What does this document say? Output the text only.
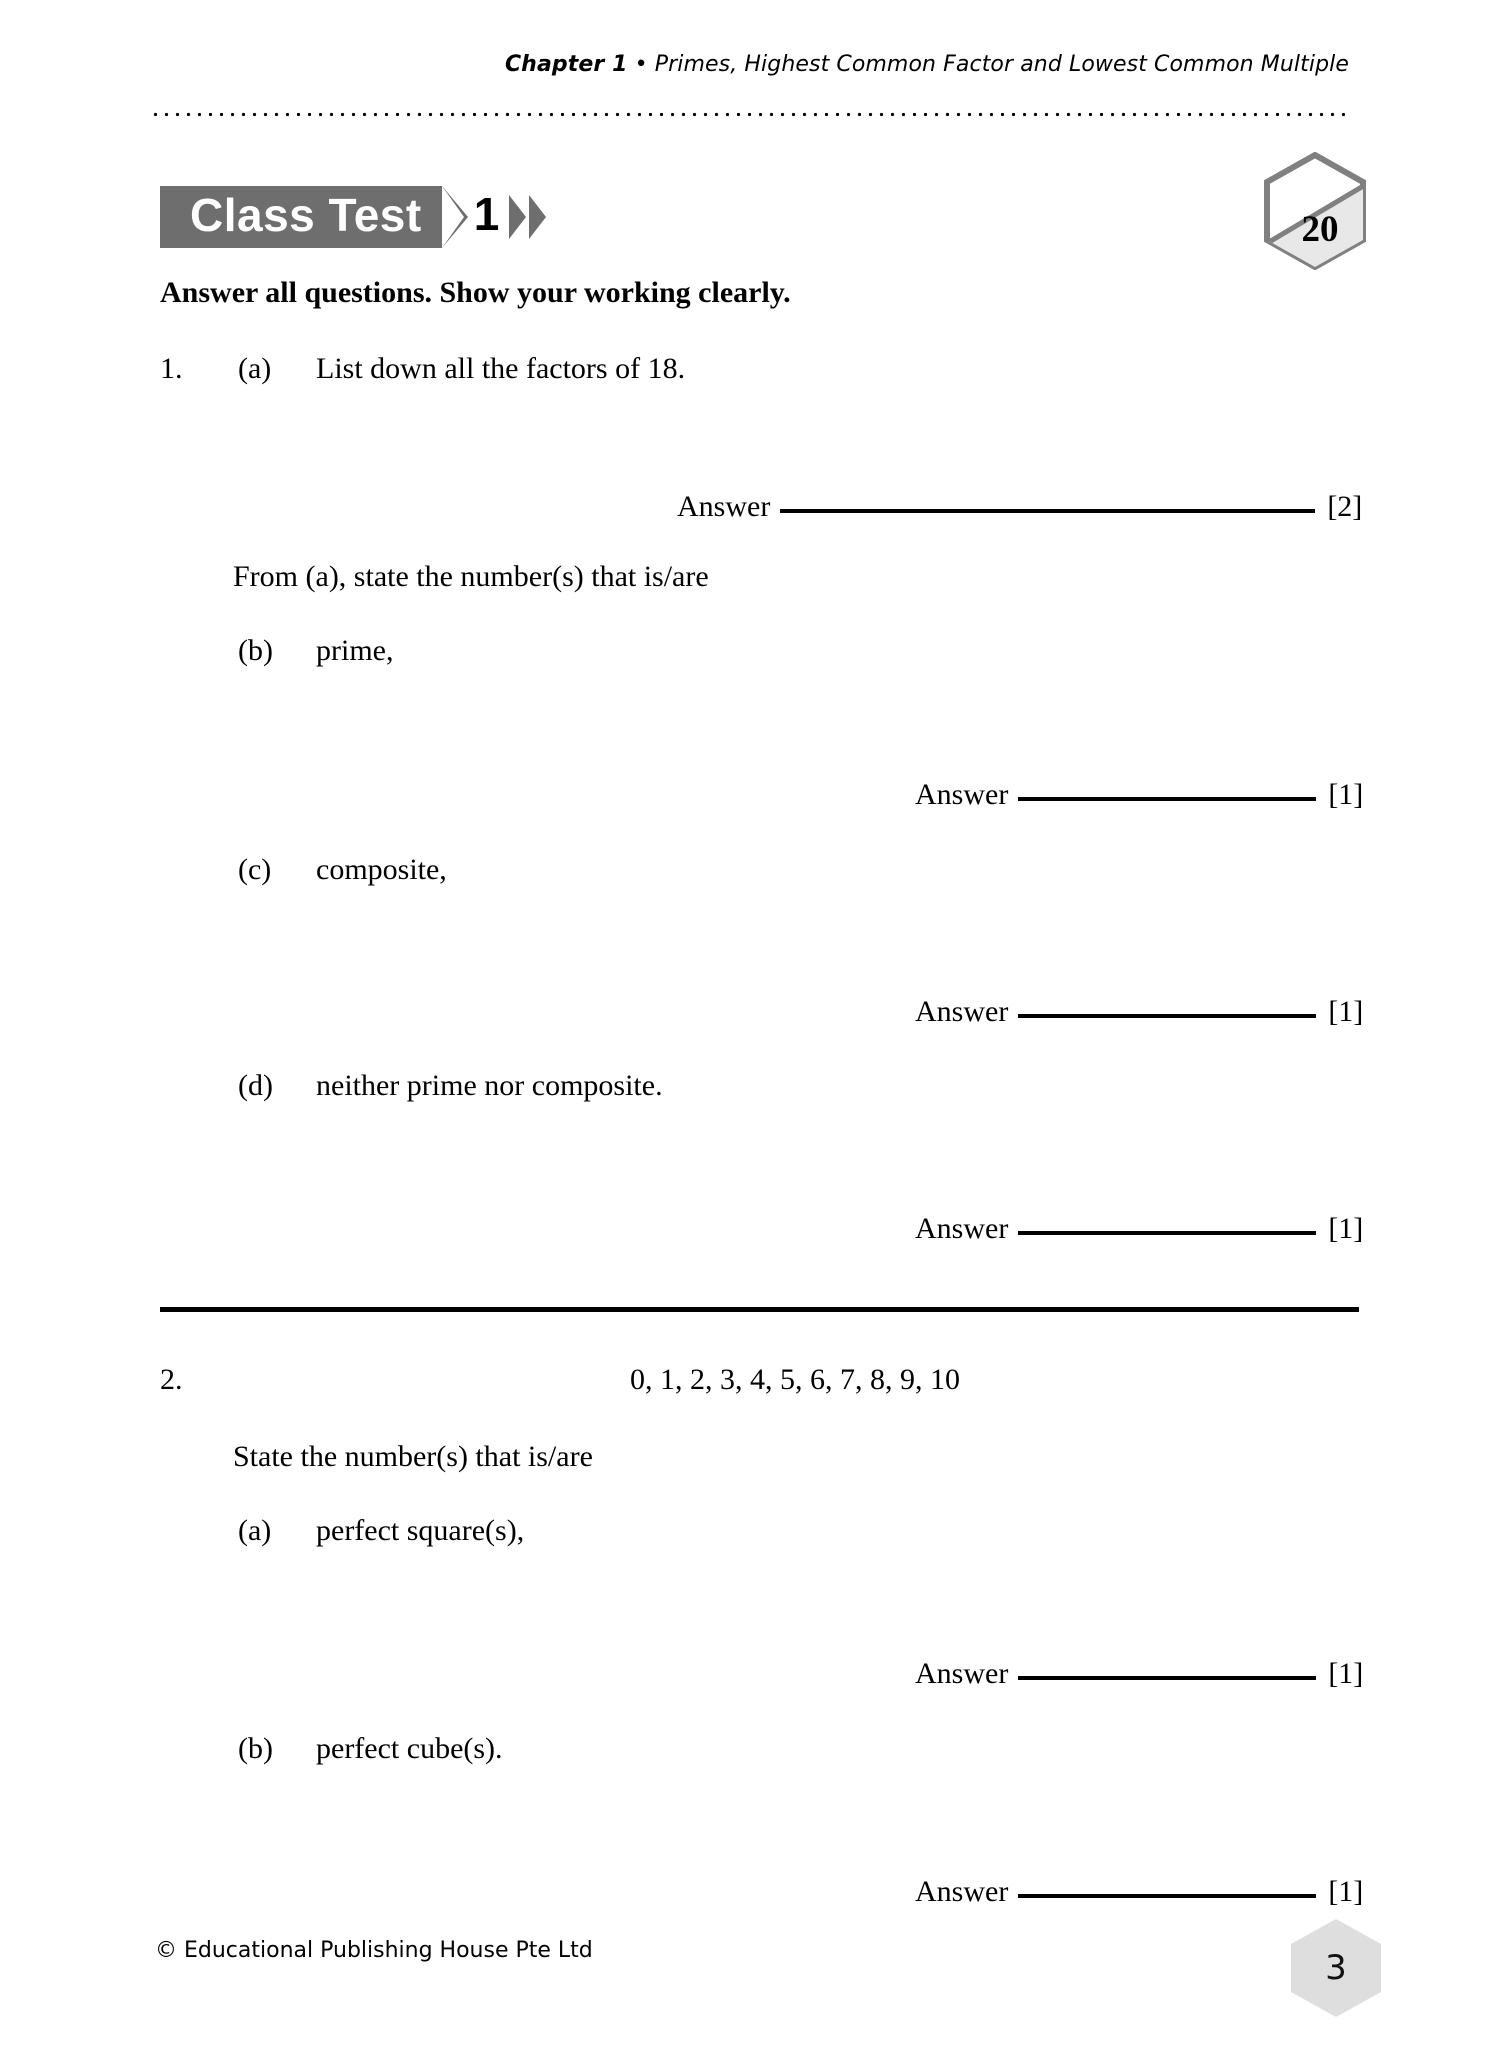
Chapter 1 • Primes, Highest Common Factor and Lowest Common Multiple
Class Test 1	20
Answer all questions. Show your working clearly.
1.	(a)	List down all the factors of 18.
Answer	[2]
From (a), state the number(s) that is/are
(b)	prime,
Answer	[1]
(c)	composite,
Answer	[1]
(d)	neither prime nor composite.
Answer	[1]
2.	0, 1, 2, 3, 4, 5, 6, 7, 8, 9, 10
State the number(s) that is/are
(a)	perfect square(s),
Answer	[1]
(b)	perfect cube(s).
Answer	[1]
© Educational Publishing House Pte Ltd	3
